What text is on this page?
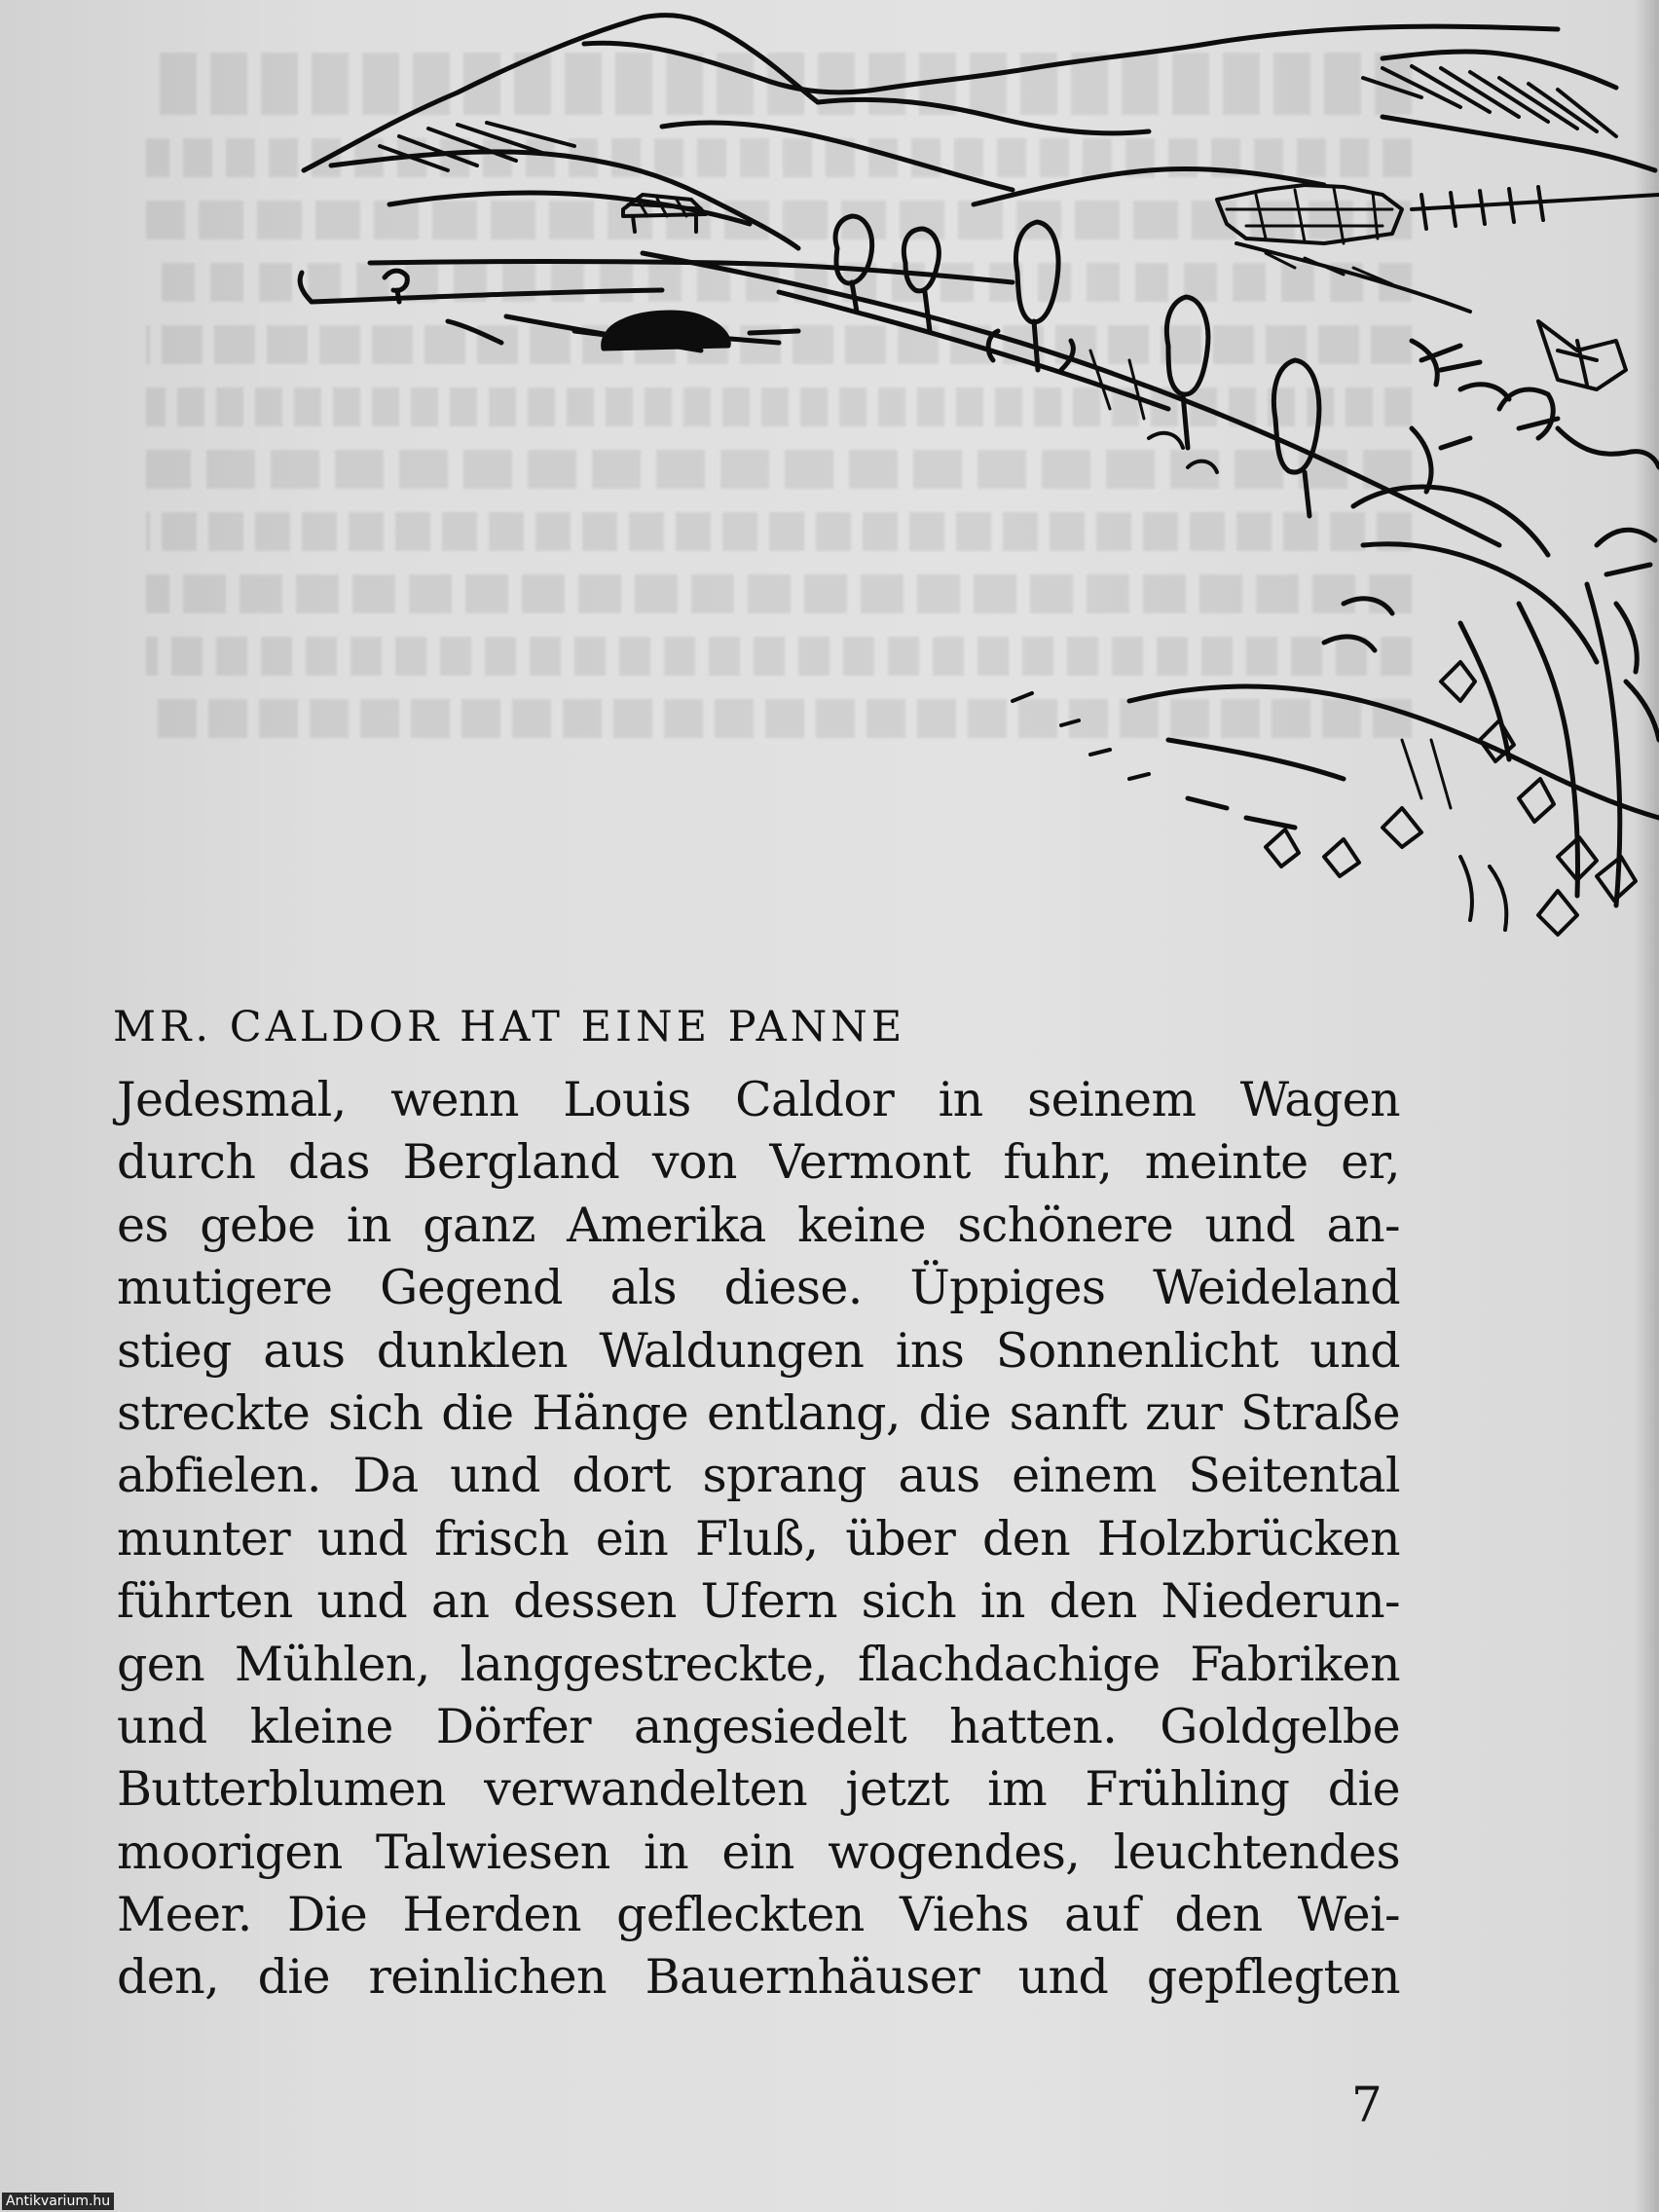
MR. CALDOR HAT EINE PANNE
Jedesmal, wenn Louis Caldor in seinem Wagen
durch das Bergland von Vermont fuhr, meinte er,
es gebe in ganz Amerika keine schönere und an-
mutigere Gegend als diese. Üppiges Weideland
stieg aus dunklen Waldungen ins Sonnenlicht und
streckte sich die Hänge entlang, die sanft zur Straße
abfielen. Da und dort sprang aus einem Seitental
munter und frisch ein Fluß, über den Holzbrücken
führten und an dessen Ufern sich in den Niederun-
gen Mühlen, langgestreckte, flachdachige Fabriken
und kleine Dörfer angesiedelt hatten. Goldgelbe
Butterblumen verwandelten jetzt im Frühling die
moorigen Talwiesen in ein wogendes, leuchtendes
Meer. Die Herden gefleckten Viehs auf den Wei-
den, die reinlichen Bauernhäuser und gepflegten
7
Antikvarium.hu
